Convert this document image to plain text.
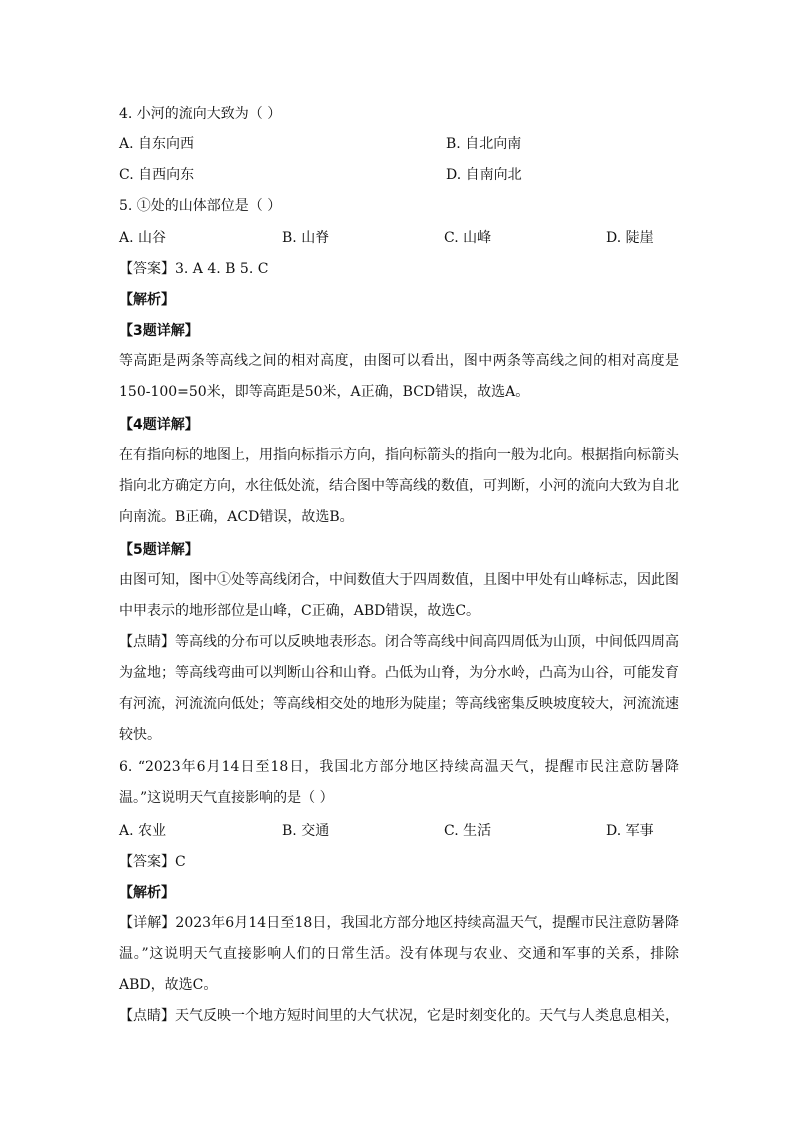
4. 小河的流向大致为（ ）
A. 自东向西	B. 自北向南
C. 自西向东	D. 自南向北
5. ①处的山体部位是（ ）
A. 山谷	B. 山脊	C. 山峰	D. 陡崖
【答案】3. A 4. B 5. C
【解析】
【3题详解】

等高距是两条等高线之间的相对高度，由图可以看出，图中两条等高线之间的相对高度是150-100=50米，即等高距是50米，A正确，BCD错误，故选A。

【4题详解】

在有指向标的地图上，用指向标指示方向，指向标箭头的指向一般为北向。根据指向标箭头指向北方确定方向，水往低处流，结合图中等高线的数值，可判断，小河的流向大致为自北向南流。B正确，ACD错误，故选B。

【5题详解】

由图可知，图中①处等高线闭合，中间数值大于四周数值，且图中甲处有山峰标志，因此图中甲表示的地形部位是山峰，C正确，ABD错误，故选C。

【点睛】等高线的分布可以反映地表形态。闭合等高线中间高四周低为山顶，中间低四周高为盆地；等高线弯曲可以判断山谷和山脊。凸低为山脊，为分水岭，凸高为山谷，可能发育有河流，河流流向低处；等高线相交处的地形为陡崖；等高线密集反映坡度较大，河流流速较快。

6. “2023年6月14日至18日，我国北方部分地区持续高温天气，提醒市民注意防暑降温。”这说明天气直接影响的是（ ）

A. 农业	B. 交通	C. 生活	D. 军事
【答案】C
【解析】

【详解】2023年6月14日至18日，我国北方部分地区持续高温天气，提醒市民注意防暑降温。”这说明天气直接影响人们的日常生活。没有体现与农业、交通和军事的关系，排除ABD，故选C。

【点睛】天气反映一个地方短时间里的大气状况，它是时刻变化的。天气与人类息息相关，
